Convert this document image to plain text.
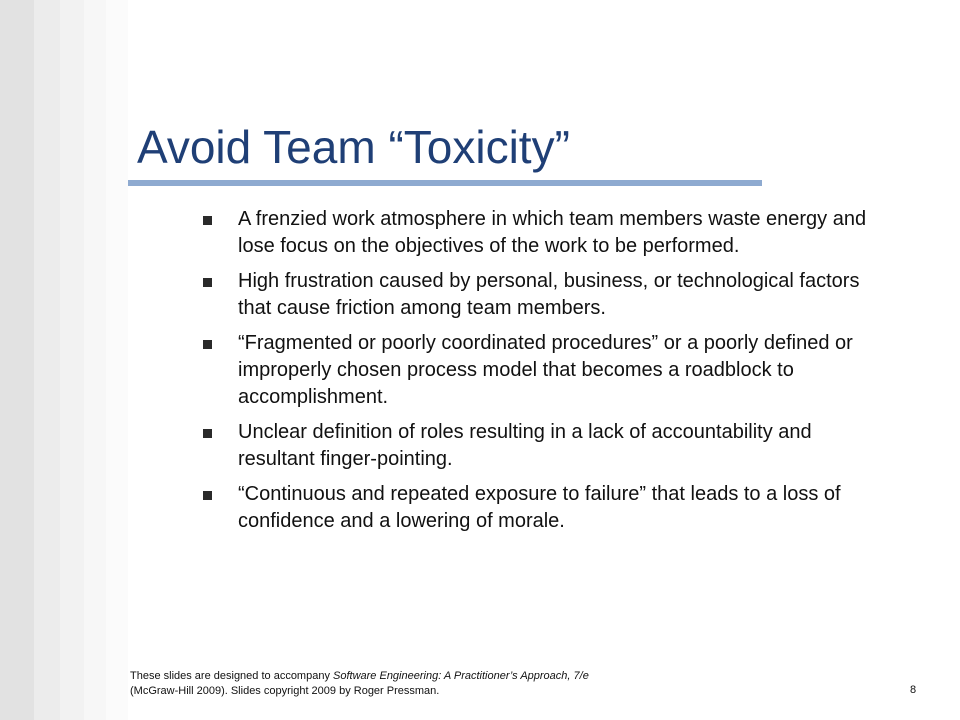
Avoid Team “Toxicity”
A frenzied work atmosphere in which team members waste energy and lose focus on the objectives of the work to be performed.
High frustration caused by personal, business, or technological factors that cause friction among team members.
“Fragmented or poorly coordinated procedures” or a poorly defined or improperly chosen process model that becomes a roadblock to accomplishment.
Unclear definition of roles resulting in a lack of accountability and resultant finger-pointing.
“Continuous and repeated exposure to failure” that leads to a loss of confidence and a lowering of morale.
These slides are designed to accompany Software Engineering: A Practitioner’s Approach, 7/e
(McGraw-Hill 2009). Slides copyright 2009 by Roger Pressman.	8
